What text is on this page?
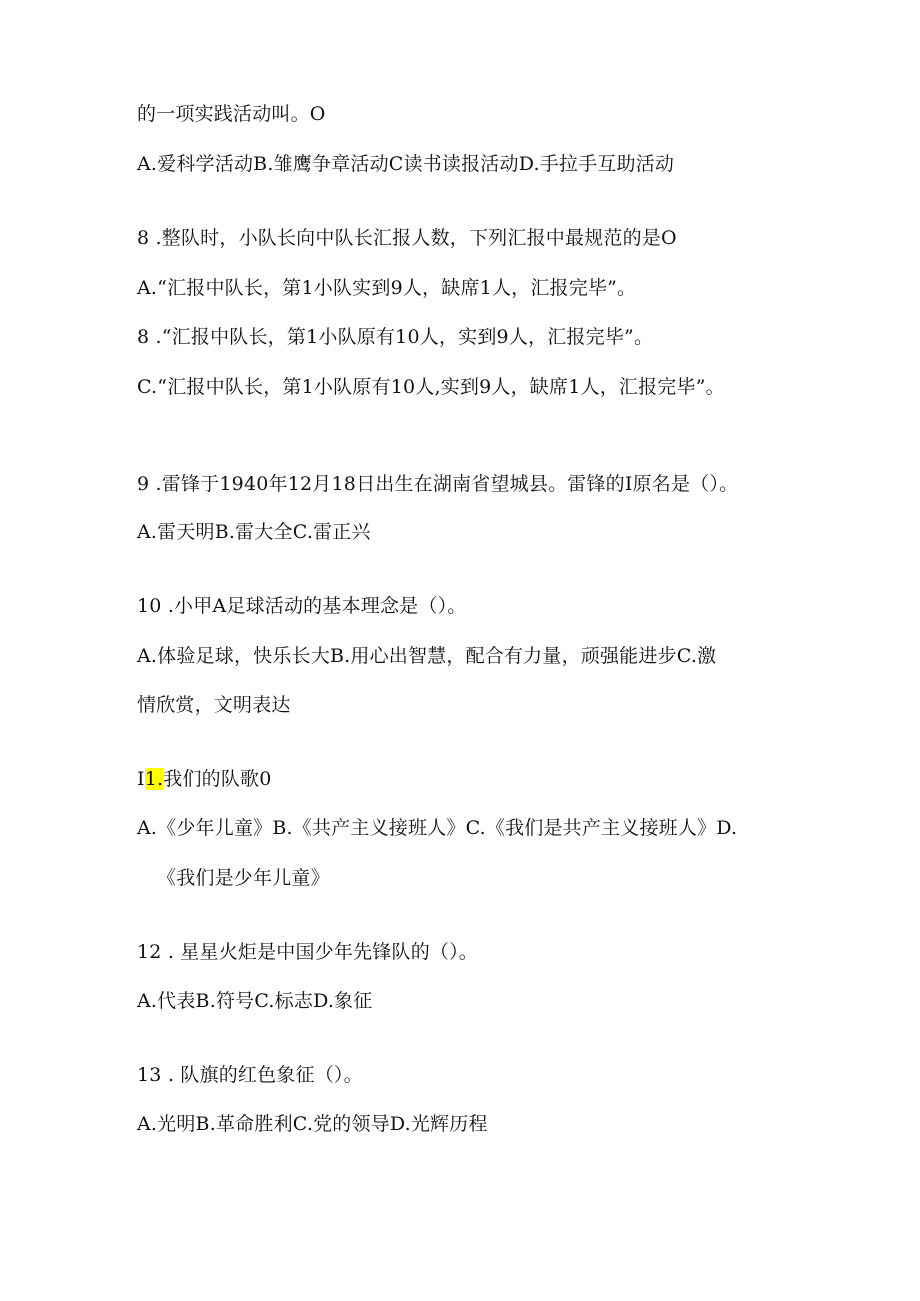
的一项实践活动叫。O
A.爱科学活动B.雏鹰争章活动C读书读报活动D.手拉手互助活动
8 .整队时，小队长向中队长汇报人数，下列汇报中最规范的是O
A.“汇报中队长，第1小队实到9人，缺席1人，汇报完毕”。
8 .“汇报中队长，第1小队原有10人，实到9人，汇报完毕”。
C.“汇报中队长，第1小队原有10人,实到9人，缺席1人，汇报完毕”。
9 .雷锋于1940年12月18日出生在湖南省望城县。雷锋的I原名是（）。
A.雷天明B.雷大全C.雷正兴
10 .小甲A足球活动的基本理念是（）。
A.体验足球，快乐长大B.用心出智慧，配合有力量，顽强能进步C.激
情欣赏，文明表达
I1.我们的队歌0
A.《少年儿童》B.《共产主义接班人》C.《我们是共产主义接班人》D.
《我们是少年儿童》
12 . 星星火炬是中国少年先锋队的（）。
A.代表B.符号C.标志D.象征
13 . 队旗的红色象征（）。
A.光明B.革命胜利C.党的领导D.光辉历程
